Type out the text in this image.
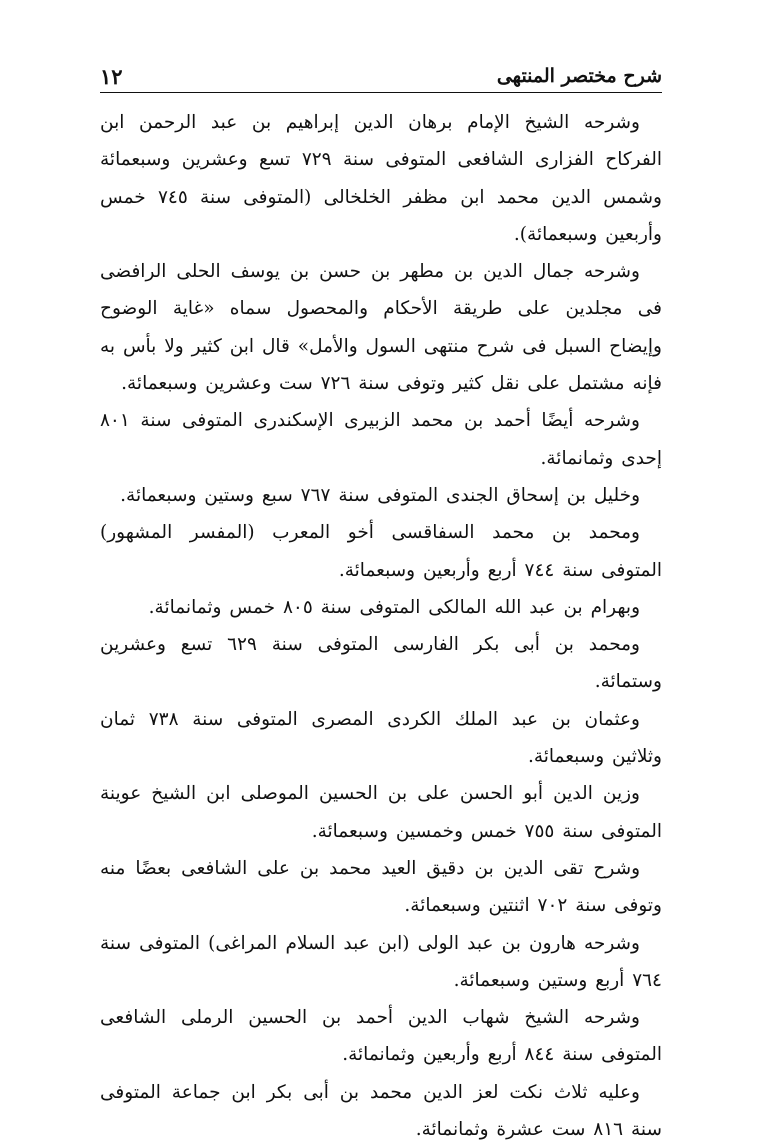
١٢	شرح مختصر المنتهى

وشرحه الشيخ الإمام برهان الدين إبراهيم بن عبد الرحمن ابن الفركاح الفزارى الشافعى المتوفى سنة ٧٢٩ تسع وعشرين وسبعمائة وشمس الدين محمد ابن مظفر الخلخالى (المتوفى سنة ٧٤٥ خمس وأربعين وسبعمائة).

وشرحه جمال الدين بن مطهر بن حسن بن يوسف الحلى الرافضى فى مجلدين على طريقة الأحكام والمحصول سماه «غاية الوضوح وإيضاح السبل فى شرح منتهى السول والأمل» قال ابن كثير ولا بأس به فإنه مشتمل على نقل كثير وتوفى سنة ٧٢٦ ست وعشرين وسبعمائة.

وشرحه أيضًا أحمد بن محمد الزبيرى الإسكندرى المتوفى سنة ٨٠١ إحدى وثمانمائة.

وخليل بن إسحاق الجندى المتوفى سنة ٧٦٧ سبع وستين وسبعمائة.

ومحمد بن محمد السفاقسى أخو المعرب (المفسر المشهور) المتوفى سنة ٧٤٤ أربع وأربعين وسبعمائة.

وبهرام بن عبد الله المالكى المتوفى سنة ٨٠٥ خمس وثمانمائة.

ومحمد بن أبى بكر الفارسى المتوفى سنة ٦٢٩ تسع وعشرين وستمائة.

وعثمان بن عبد الملك الكردى المصرى المتوفى سنة ٧٣٨ ثمان وثلاثين وسبعمائة.

وزين الدين أبو الحسن على بن الحسين الموصلى ابن الشيخ عوينة المتوفى سنة ٧٥٥ خمس وخمسين وسبعمائة.

وشرح تقى الدين بن دقيق العيد محمد بن على الشافعى بعضًا منه وتوفى سنة ٧٠٢ اثنتين وسبعمائة.

وشرحه هارون بن عبد الولى (ابن عبد السلام المراغى) المتوفى سنة ٧٦٤ أربع وستين وسبعمائة.

وشرحه الشيخ شهاب الدين أحمد بن الحسين الرملى الشافعى المتوفى سنة ٨٤٤ أربع وأربعين وثمانمائة.

وعليه ثلاث نكت لعز الدين محمد بن أبى بكر ابن جماعة المتوفى سنة ٨١٦ ست عشرة وثمانمائة.
